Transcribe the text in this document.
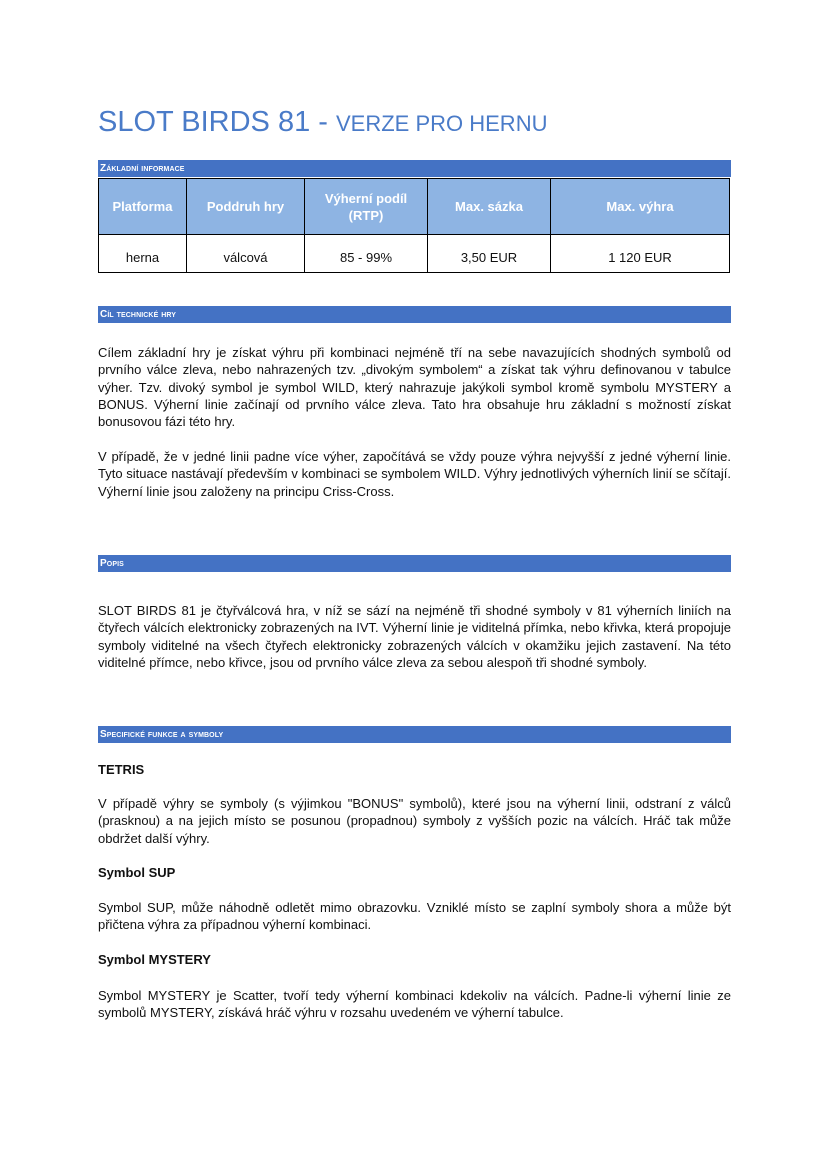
SLOT BIRDS 81 - VERZE PRO HERNU
Základní informace
Platforma	Poddruh hry	Výherní podíl (RTP)	Max. sázka	Max. výhra
herna	válcová	85 - 99%	3,50 EUR	1 120 EUR
Cíl technické hry

Cílem základní hry je získat výhru při kombinaci nejméně tří na sebe navazujících shodných symbolů od prvního válce zleva, nebo nahrazených tzv. „divokým symbolem“ a získat tak výhru definovanou v tabulce výher. Tzv. divoký symbol je symbol WILD, který nahrazuje jakýkoli symbol kromě symbolu MYSTERY a BONUS. Výherní linie začínají od prvního válce zleva. Tato hra obsahuje hru základní s možností získat bonusovou fázi této hry.

V případě, že v jedné linii padne více výher, započítává se vždy pouze výhra nejvyšší z jedné výherní linie. Tyto situace nastávají především v kombinaci se symbolem WILD. Výhry jednotlivých výherních linií se sčítají. Výherní linie jsou založeny na principu Criss-Cross.

Popis

SLOT BIRDS 81 je čtyřválcová hra, v níž se sází na nejméně tři shodné symboly v 81 výherních liniích na čtyřech válcích elektronicky zobrazených na IVT. Výherní linie je viditelná přímka, nebo křivka, která propojuje symboly viditelné na všech čtyřech elektronicky zobrazených válcích v okamžiku jejich zastavení. Na této viditelné přímce, nebo křivce, jsou od prvního válce zleva za sebou alespoň tři shodné symboly.

Specifické funkce a symboly

TETRIS

V případě výhry se symboly (s výjimkou "BONUS" symbolů), které jsou na výherní linii, odstraní z válců (prasknou) a na jejich místo se posunou (propadnou) symboly z vyšších pozic na válcích. Hráč tak může obdržet další výhry.

Symbol SUP

Symbol SUP, může náhodně odletět mimo obrazovku. Vzniklé místo se zaplní symboly shora a může být přičtena výhra za případnou výherní kombinaci.

Symbol MYSTERY

Symbol MYSTERY je Scatter, tvoří tedy výherní kombinaci kdekoliv na válcích. Padne-li výherní linie ze symbolů MYSTERY, získává hráč výhru v rozsahu uvedeném ve výherní tabulce.
